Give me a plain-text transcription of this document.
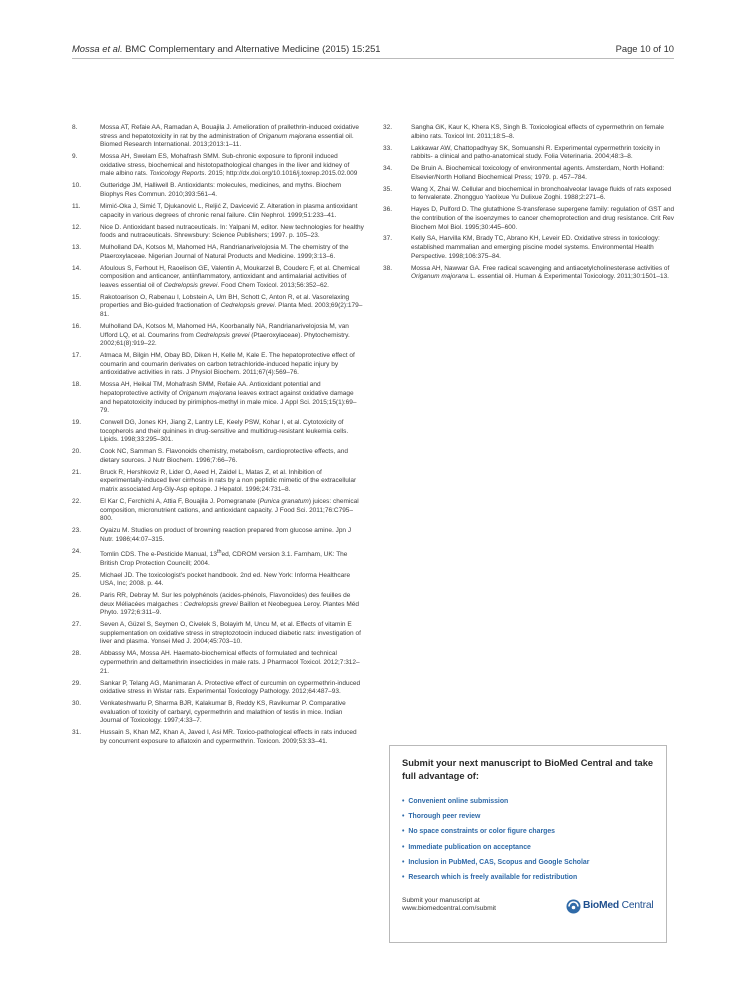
Mossa et al. BMC Complementary and Alternative Medicine (2015) 15:251	Page 10 of 10
8.	Mossa AT, Refaie AA, Ramadan A, Bouajila J. Amelioration of prallethrin-induced oxidative stress and hepatotoxicity in rat by the administration of Origanum majorana essential oil. Biomed Research International. 2013;2013:1–11.
9.	Mossa AH, Swelam ES, Mohafrash SMM. Sub-chronic exposure to fipronil induced oxidative stress, biochemical and histotopathological changes in the liver and kidney of male albino rats. Toxicology Reports. 2015; http://dx.doi.org/10.1016/j.toxrep.2015.02.009
10.	Gutteridge JM, Halliwell B. Antioxidants: molecules, medicines, and myths. Biochem Biophys Res Commun. 2010;393:561–4.
11.	Mimić-Oka J, Simić T, Djukanović L, Reljić Z, Davicević Z. Alteration in plasma antioxidant capacity in various degrees of chronic renal failure. Clin Nephrol. 1999;51:233–41.
12.	Nice D. Antioxidant based nutraceuticals. In: Yalpani M, editor. New technologies for healthy foods and nutraceuticals. Shrewsbury: Science Publishers; 1997. p. 105–23.
13.	Mulholland DA, Kotsos M, Mahomed HA, Randrianarivelojosia M. The chemistry of the Ptaeroxylaceae. Nigerian Journal of Natural Products and Medicine. 1999;3:13–6.
14.	Afoulous S, Ferhout H, Raoelison GE, Valentin A, Moukarzel B, Couderc F, et al. Chemical composition and anticancer, antiinflammatory, antioxidant and antimalarial activities of leaves essential oil of Cedrelopsis grevei. Food Chem Toxicol. 2013;56:352–62.
15.	Rakotoarison O, Rabenau I, Lobstein A, Um BH, Schott C, Anton R, et al. Vasorelaxing properties and Bio-guided fractionation of Cedrelopsis grevei. Planta Med. 2003;69(2):179–81.
16.	Mulholland DA, Kotsos M, Mahomed HA, Koorbanally NA, Randrianarivelojosia M, van Ufford LQ, et al. Coumarins from Cedrelopsis grevei (Ptaeroxylaceae). Phytochemistry. 2002;61(8):919–22.
17.	Atmaca M, Bilgin HM, Obay BD, Diken H, Kelle M, Kale E. The hepatoprotective effect of coumarin and coumarin derivates on carbon tetrachloride-induced hepatic injury by antioxidative activities in rats. J Physiol Biochem. 2011;67(4):569–76.
18.	Mossa AH, Heikal TM, Mohafrash SMM, Refaie AA. Antioxidant potential and hepatoprotective activity of Origanum majorana leaves extract against oxidative damage and hepatotoxicity induced by pirimiphos-methyl in male mice. J Appl Sci. 2015;15(1):69–79.
19.	Conwell DG, Jones KH, Jiang Z, Lantry LE, Keely PSW, Kohar I, et al. Cytotoxicity of tocopherols and their quinines in drug-sensitive and multidrug-resistant leukemia cells. Lipids. 1998;33:295–301.
20.	Cook NC, Samman S. Flavonoids chemistry, metabolism, cardioprotective effects, and dietary sources. J Nutr Biochem. 1996;7:66–76.
21.	Bruck R, Hershkoviz R, Lider O, Aeed H, Zaidel L, Matas Z, et al. Inhibition of experimentally-induced liver cirrhosis in rats by a non peptidic mimetic of the extracellular matrix associated Arg-Gly-Asp epitope. J Hepatol. 1996;24:731–8.
22.	El Kar C, Ferchichi A, Attia F, Bouajila J. Pomegranate (Punica granatum) juices: chemical composition, micronutrient cations, and antioxidant capacity. J Food Sci. 2011;76:C795–800.
23.	Oyaizu M. Studies on product of browning reaction prepared from glucose amine. Jpn J Nutr. 1986;44:07–315.
24.	Tomlin CDS. The e-Pesticide Manual, 13thed, CDROM version 3.1. Farnham, UK: The British Crop Protection Councill; 2004.
25.	Michael JD. The toxicologist's pocket handbook. 2nd ed. New York: Informa Healthcare USA, Inc; 2008. p. 44.
26.	Paris RR, Debray M. Sur les polyphénols (acides-phénols, Flavonoïdes) des feuilles de deux Méliacées malgaches : Cedrelopsis grevei Baillon et Neobeguea Leroy. Plantes Méd Phyto. 1972;6:311–9.
27.	Seven A, Güzel S, Seymen O, Civelek S, Bolayirh M, Uncu M, et al. Effects of vitamin E supplementation on oxidative stress in streptozotocin induced diabetic rats: investigation of liver and plasma. Yonsei Med J. 2004;45:703–10.
28.	Abbassy MA, Mossa AH. Haemato-biochemical effects of formulated and technical cypermethrin and deltamethrin insecticides in male rats. J Pharmacol Toxicol. 2012;7:312–21.
29.	Sankar P, Telang AG, Manimaran A. Protective effect of curcumin on cypermethrin-induced oxidative stress in Wistar rats. Experimental Toxicology Pathology. 2012;64:487–93.
30.	Venkateshwarlu P, Sharma BJR, Kalakumar B, Reddy KS, Ravikumar P. Comparative evaluation of toxicity of carbaryl, cypermethrin and malathion of testis in mice. Indian Journal of Toxicology. 1997;4:33–7.
31.	Hussain S, Khan MZ, Khan A, Javed I, Asi MR. Toxico-pathological effects in rats induced by concurrent exposure to aflatoxin and cypermethrin. Toxicon. 2009;53:33–41.
32.	Sangha GK, Kaur K, Khera KS, Singh B. Toxicological effects of cypermethrin on female albino rats. Toxicol Int. 2011;18:5–8.
33.	Lakkawar AW, Chattopadhyay SK, Somuanshi R. Experimental cypermethrin toxicity in rabbits- a clinical and patho-anatomical study. Folia Veterinaria. 2004;48:3–8.
34.	De Bruin A. Biochemical toxicology of environmental agents. Amsterdam, North Holland: Elsevier/North Holland Biochemical Press; 1979. p. 457–784.
35.	Wang X, Zhai W. Cellular and biochemical in bronchoalveolar lavage fluids of rats exposed to fenvalerate. Zhongguo Yaolixue Yu Dulixue Zoghi. 1988;2:271–6.
36.	Hayes D, Pulford D. The glutathione S-transferase supergene family: regulation of GST and the contribution of the isoenzymes to cancer chemoprotection and drug resistance. Crit Rev Biochem Mol Biol. 1995;30:445–600.
37.	Kelly SA, Harvilla KM, Brady TC, Abrano KH, Leveir ED. Oxidative stress in toxicology: established mammalian and emerging piscine model systems. Environmental Health Perspective. 1998;106:375–84.
38.	Mossa AH, Nawwar GA. Free radical scavenging and antiacetylcholinesterase activities of Origanum majorana L. essential oil. Human & Experimental Toxicology. 2011;30:1501–13.
Submit your next manuscript to BioMed Central and take full advantage of:
• Convenient online submission
• Thorough peer review
• No space constraints or color figure charges
• Immediate publication on acceptance
• Inclusion in PubMed, CAS, Scopus and Google Scholar
• Research which is freely available for redistribution
Submit your manuscript at
www.biomedcentral.com/submit	BioMed Central
